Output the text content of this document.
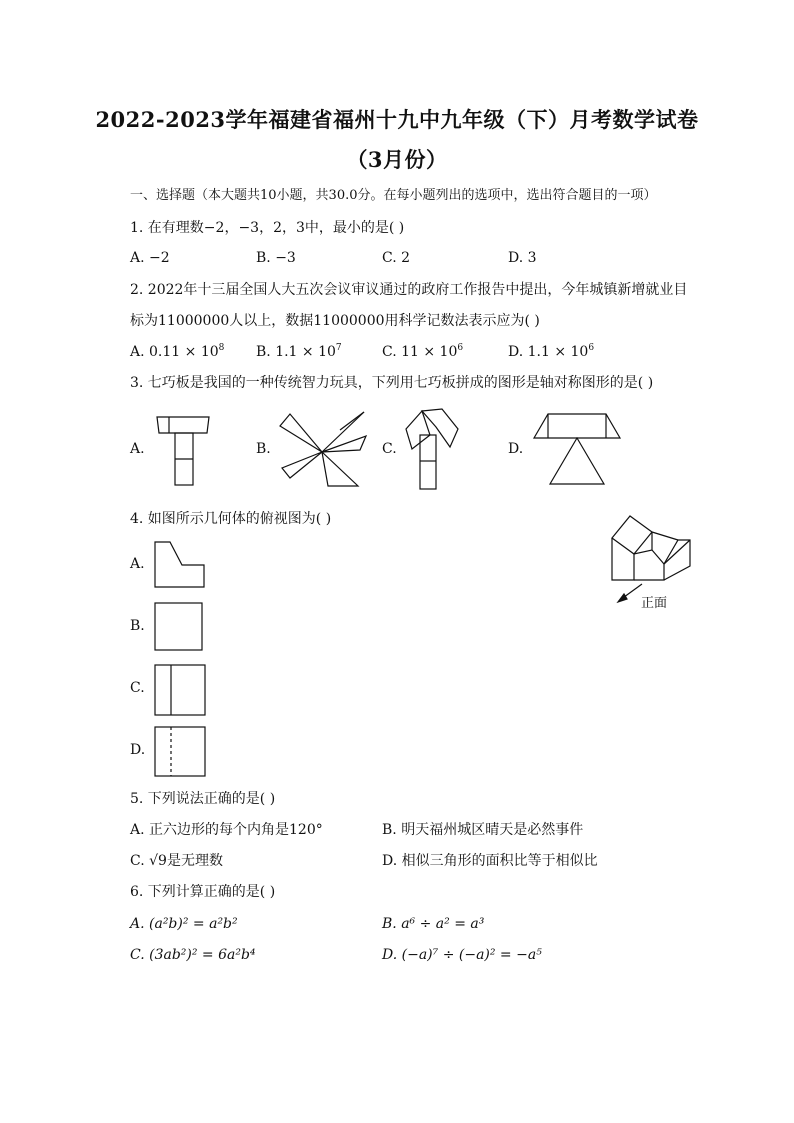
2022-2023学年福建省福州十九中九年级（下）月考数学试卷
（3月份）
一、选择题（本大题共10小题，共30.0分。在每小题列出的选项中，选出符合题目的一项）
1. 在有理数−2，−3，2，3中，最小的是( )
A. −2	B. −3	C. 2	D. 3
2. 2022年十三届全国人大五次会议审议通过的政府工作报告中提出，今年城镇新增就业目
标为11000000人以上，数据11000000用科学记数法表示应为( )
A. $0.11 \times 10^8$ B. $1.1 \times 10^7$	C. $11 \times 10^6$	D. $1.1 \times 10^6$
3. 七巧板是我国的一种传统智力玩具，下列用七巧板拼成的图形是轴对称图形的是( )
A.	B.	C.	D.
4. 如图所示几何体的俯视图为( )
正面
A.
B.
C.
D.
5. 下列说法正确的是( )
A. 正六边形的每个内角是120°	B. 明天福州城区晴天是必然事件
C. √9是无理数	D. 相似三角形的面积比等于相似比
6. 下列计算正确的是( )
A. (a²b)² = a²b²	B. a⁶ ÷ a² = a³
C. (3ab²)² = 6a²b⁴	D. (−a)⁷ ÷ (−a)² = −a⁵
